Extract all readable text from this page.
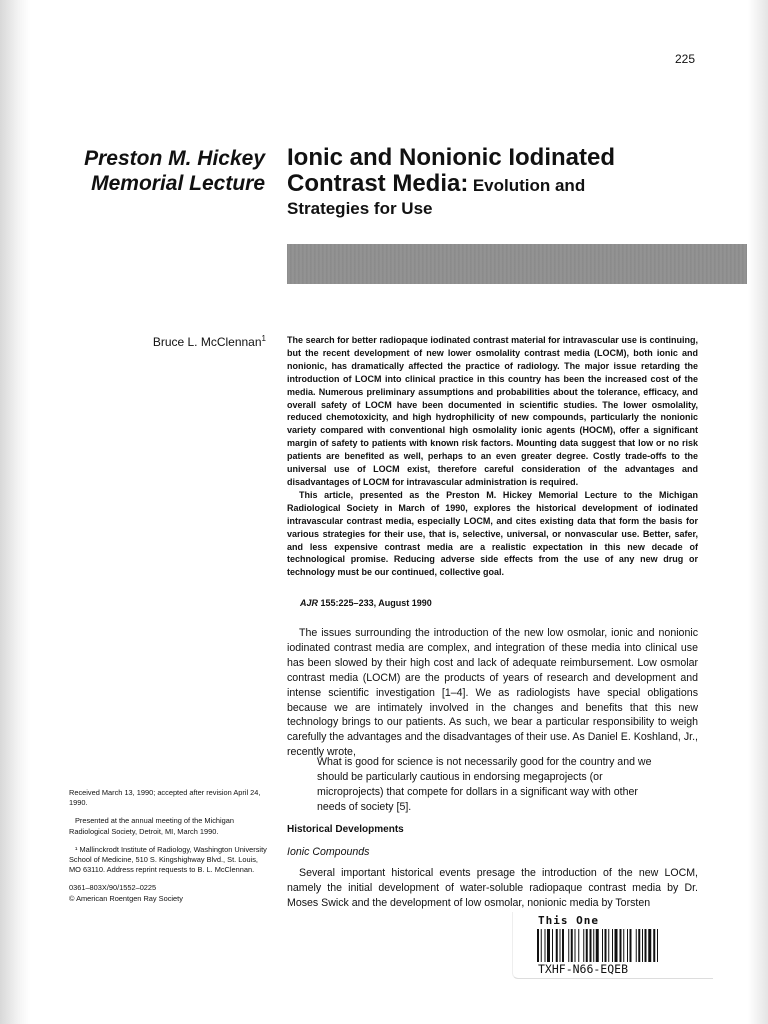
225
Preston M. Hickey
Memorial Lecture
Ionic and Nonionic Iodinated
Contrast Media: Evolution and
Strategies for Use
Bruce L. McClennan$^1$ The search for better radiopaque iodinated contrast material for intravascular use is continuing, but the recent development of new lower osmolality contrast media (LOCM), both ionic and nonionic, has dramatically affected the practice of radiology. The major issue retarding the introduction of LOCM into clinical practice in this country has been the increased cost of the media. Numerous preliminary assumptions and probabilities about the tolerance, efficacy, and overall safety of LOCM have been documented in scientific studies. The lower osmolality, reduced chemotoxicity, and high hydrophilicity of new compounds, particularly the nonionic variety compared with conventional high osmolality ionic agents (HOCM), offer a significant margin of safety to patients with known risk factors. Mounting data suggest that low or no risk patients are benefited as well, perhaps to an even greater degree. Costly trade-offs to the universal use of LOCM exist, therefore careful consideration of the advantages and disadvantages of LOCM for intravascular administration is required.

This article, presented as the Preston M. Hickey Memorial Lecture to the Michigan Radiological Society in March of 1990, explores the historical development of iodinated intravascular contrast media, especially LOCM, and cites existing data that form the basis for various strategies for their use, that is, selective, universal, or nonvascular use. Better, safer, and less expensive contrast media are a realistic expectation in this new decade of technological promise. Reducing adverse side effects from the use of any new drug or technology must be our continued, collective goal.

AJR 155:225–233, August 1990

The issues surrounding the introduction of the new low osmolar, ionic and nonionic iodinated contrast media are complex, and integration of these media into clinical use has been slowed by their high cost and lack of adequate reimbursement. Low osmolar contrast media (LOCM) are the products of years of research and development and intense scientific investigation [1–4]. We as radiologists have special obligations because we are intimately involved in the changes and benefits that this new technology brings to our patients. As such, we bear a particular responsibility to weigh carefully the advantages and the disadvantages of their use. As Daniel E. Koshland, Jr., recently wrote,

What is good for science is not necessarily good for the country and we should be particularly cautious in endorsing megaprojects (or microprojects) that compete for dollars in a significant way with other needs of society [5].
Historical Developments
Ionic Compounds

Several important historical events presage the introduction of the new LOCM, namely the initial development of water-soluble radiopaque contrast media by Dr. Moses Swick and the development of low osmolar, nonionic media by Torsten

Received March 13, 1990; accepted after revision April 24, 1990.

Presented at the annual meeting of the Michigan Radiological Society, Detroit, MI, March 1990.

¹ Mallinckrodt Institute of Radiology, Washington University School of Medicine, 510 S. Kingshighway Blvd., St. Louis, MO 63110. Address reprint requests to B. L. McClennan.

0361–803X/90/1552–0225

© American Roentgen Ray Society

This One
TXHF-N66-EQEB
